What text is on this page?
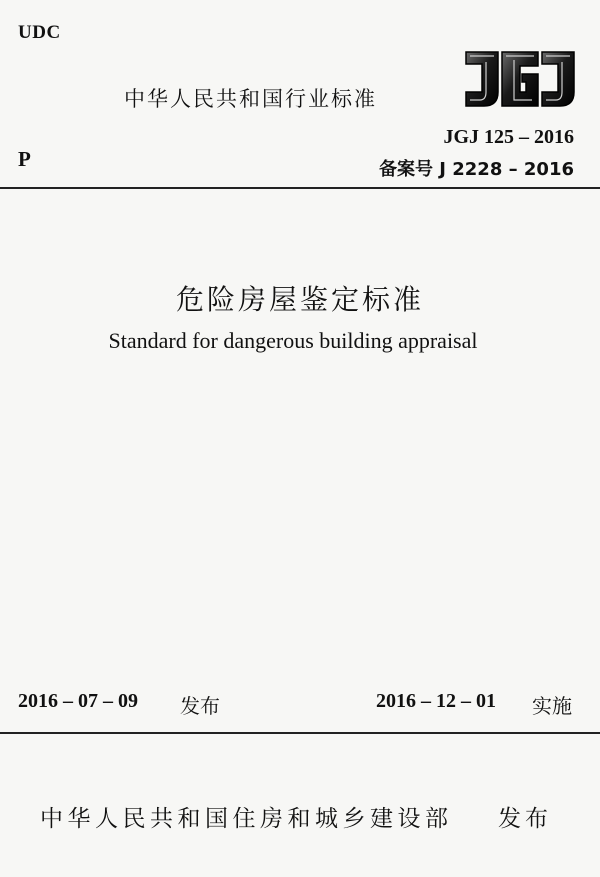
UDC
中华人民共和国行业标准
JGJ
JGJ 125 – 2016
备案号 J 2228 – 2016
P
危险房屋鉴定标准
Standard for dangerous building appraisal
2016 – 07 – 09 发布	2016 – 12 – 01 实施
中华人民共和国住房和城乡建设部 发布
